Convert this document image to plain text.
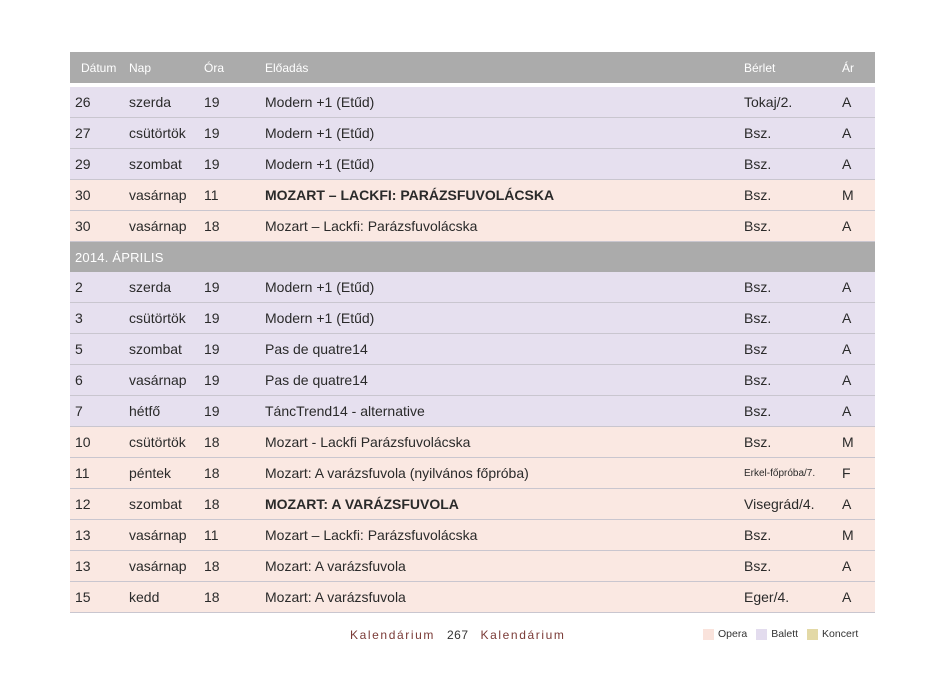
Dátum	Nap	Óra	Előadás	Bérlet	Ár
26	szerda	19	Modern +1 (Etűd)	Tokaj/2.	A
27	csütörtök	19	Modern +1 (Etűd)	Bsz.	A
29	szombat	19	Modern +1 (Etűd)	Bsz.	A
30	vasárnap	11	MOZART – LACKFI: PARÁZSFUVOLÁCSKA	Bsz.	M
30	vasárnap	18	Mozart – Lackfi: Parázsfuvolácska	Bsz.	A
2014. ÁPRILIS
2	szerda	19	Modern +1 (Etűd)	Bsz.	A
3	csütörtök	19	Modern +1 (Etűd)	Bsz.	A
5	szombat	19	Pas de quatre14	Bsz	A
6	vasárnap	19	Pas de quatre14	Bsz.	A
7	hétfő	19	TáncTrend14 - alternative	Bsz.	A
10	csütörtök	18	Mozart - Lackfi Parázsfuvolácska	Bsz.	M
11	péntek	18	Mozart: A varázsfuvola (nyilvános főpróba)	Erkel-főpróba/7.	F
12	szombat	18	MOZART: A VARÁZSFUVOLA	Visegrád/4.	A
13	vasárnap	11	Mozart – Lackfi: Parázsfuvolácska	Bsz.	M
13	vasárnap	18	Mozart: A varázsfuvola	Bsz.	A
15	kedd	18	Mozart: A varázsfuvola	Eger/4.	A
Kalendárium 267 Kalendárium	Opera Balett Koncert
